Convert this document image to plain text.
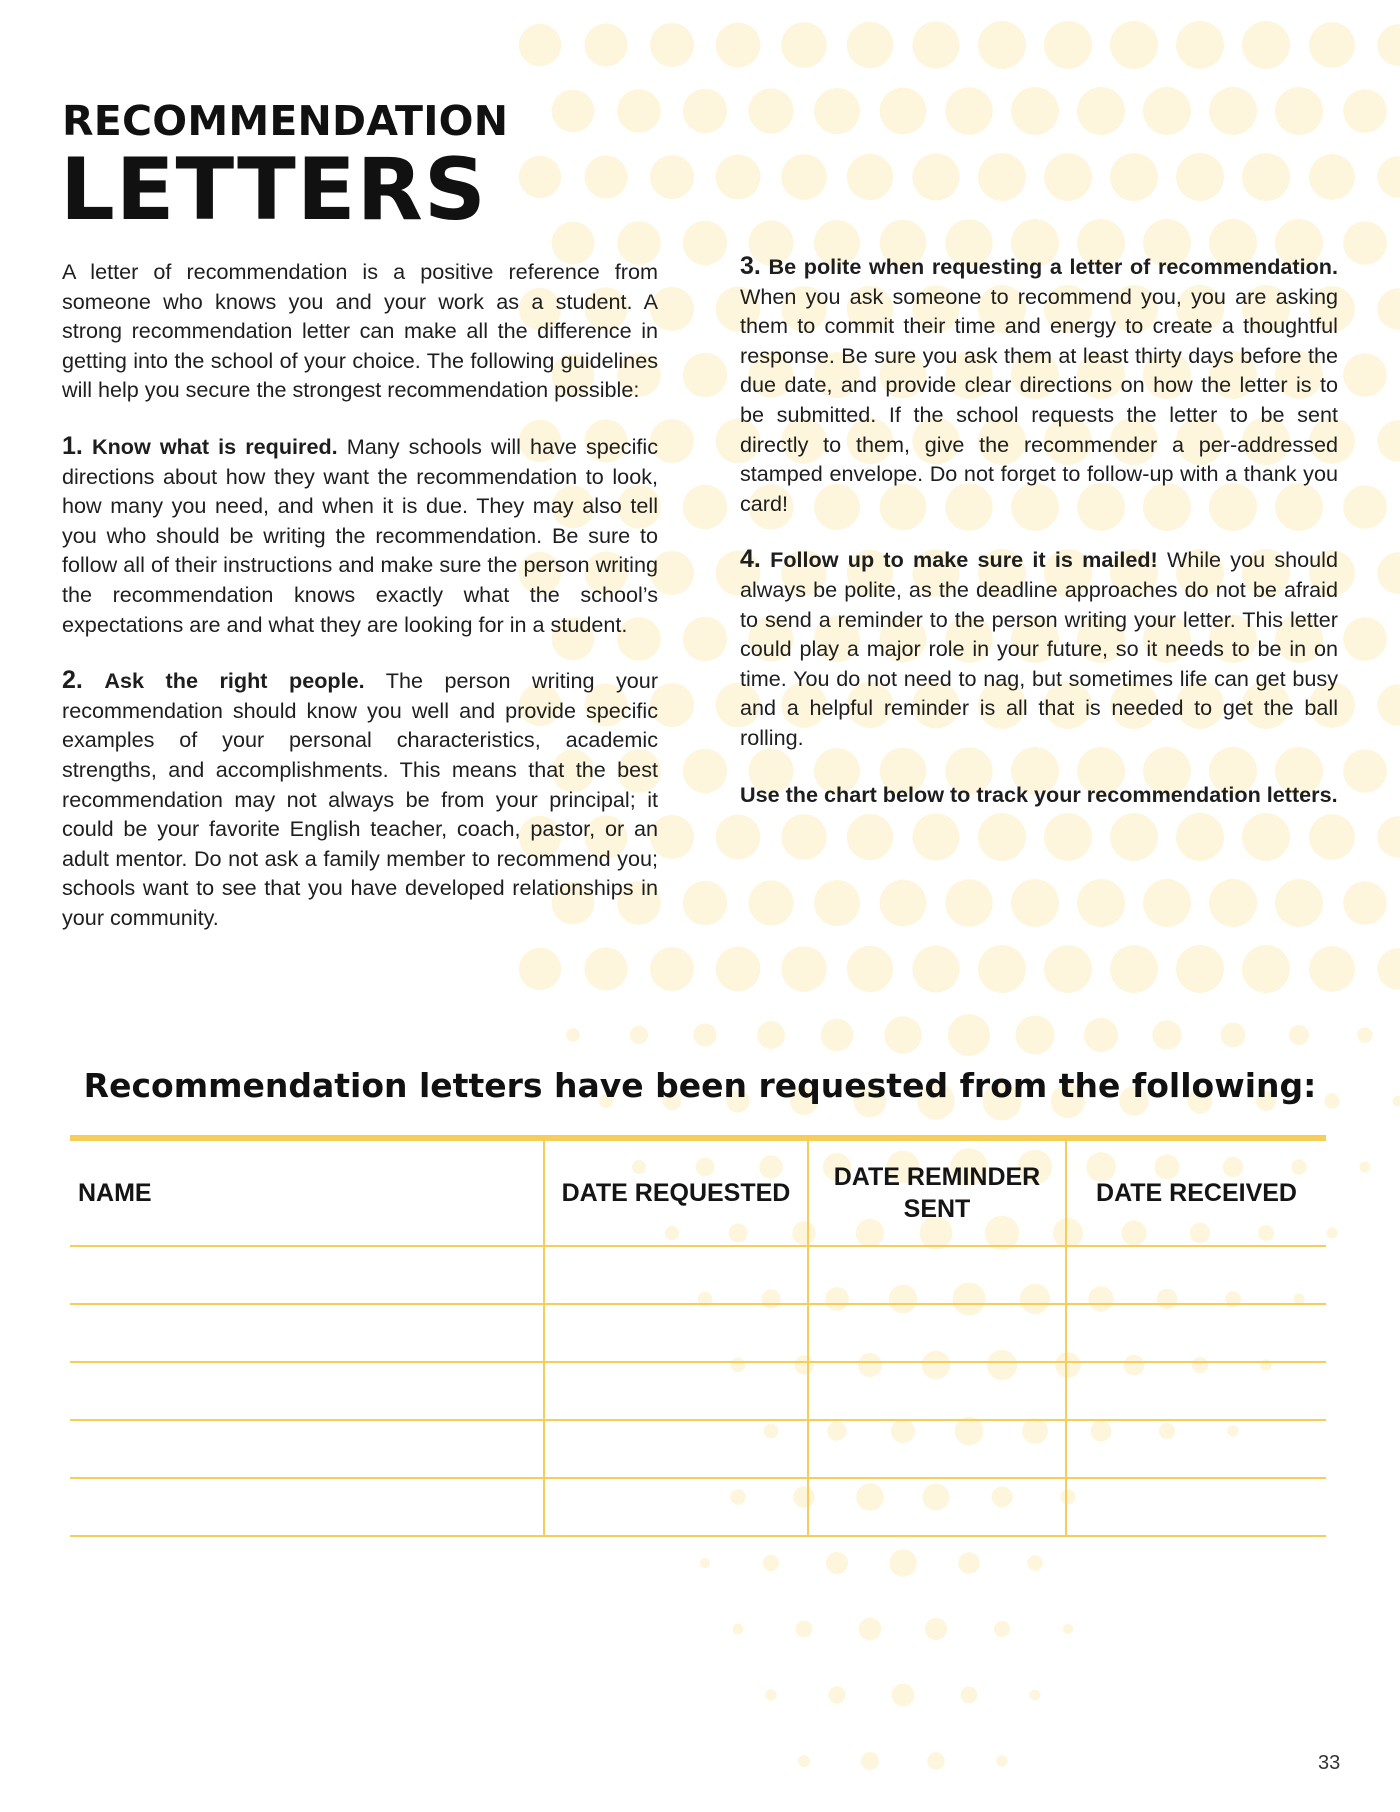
RECOMMENDATION
LETTERS

A letter of recommendation is a positive reference from someone who knows you and your work as a student. A strong recommendation letter can make all the difference in getting into the school of your choice. The following guidelines will help you secure the strongest recommendation possible:

1. Know what is required. Many schools will have specific directions about how they want the recommendation to look, how many you need, and when it is due. They may also tell you who should be writing the recommendation. Be sure to follow all of their instructions and make sure the person writing the recommendation knows exactly what the school’s expectations are and what they are looking for in a student.

2. Ask the right people. The person writing your recommendation should know you well and provide specific examples of your personal characteristics, academic strengths, and accomplishments. This means that the best recommendation may not always be from your principal; it could be your favorite English teacher, coach, pastor, or an adult mentor. Do not ask a family member to recommend you; schools want to see that you have developed relationships in your community.

3. Be polite when requesting a letter of recommendation. When you ask someone to recommend you, you are asking them to commit their time and energy to create a thoughtful response. Be sure you ask them at least thirty days before the due date, and provide clear directions on how the letter is to be submitted. If the school requests the letter to be sent directly to them, give the recommender a per-addressed stamped envelope. Do not forget to follow-up with a thank you card!

4. Follow up to make sure it is mailed! While you should always be polite, as the deadline approaches do not be afraid to send a reminder to the person writing your letter. This letter could play a major role in your future, so it needs to be in on time. You do not need to nag, but sometimes life can get busy and a helpful reminder is all that is needed to get the ball rolling.

Use the chart below to track your recommendation letters.

Recommendation letters have been requested from the following:
NAME	DATE REQUESTED	DATE REMINDER SENT	DATE RECEIVED

33
